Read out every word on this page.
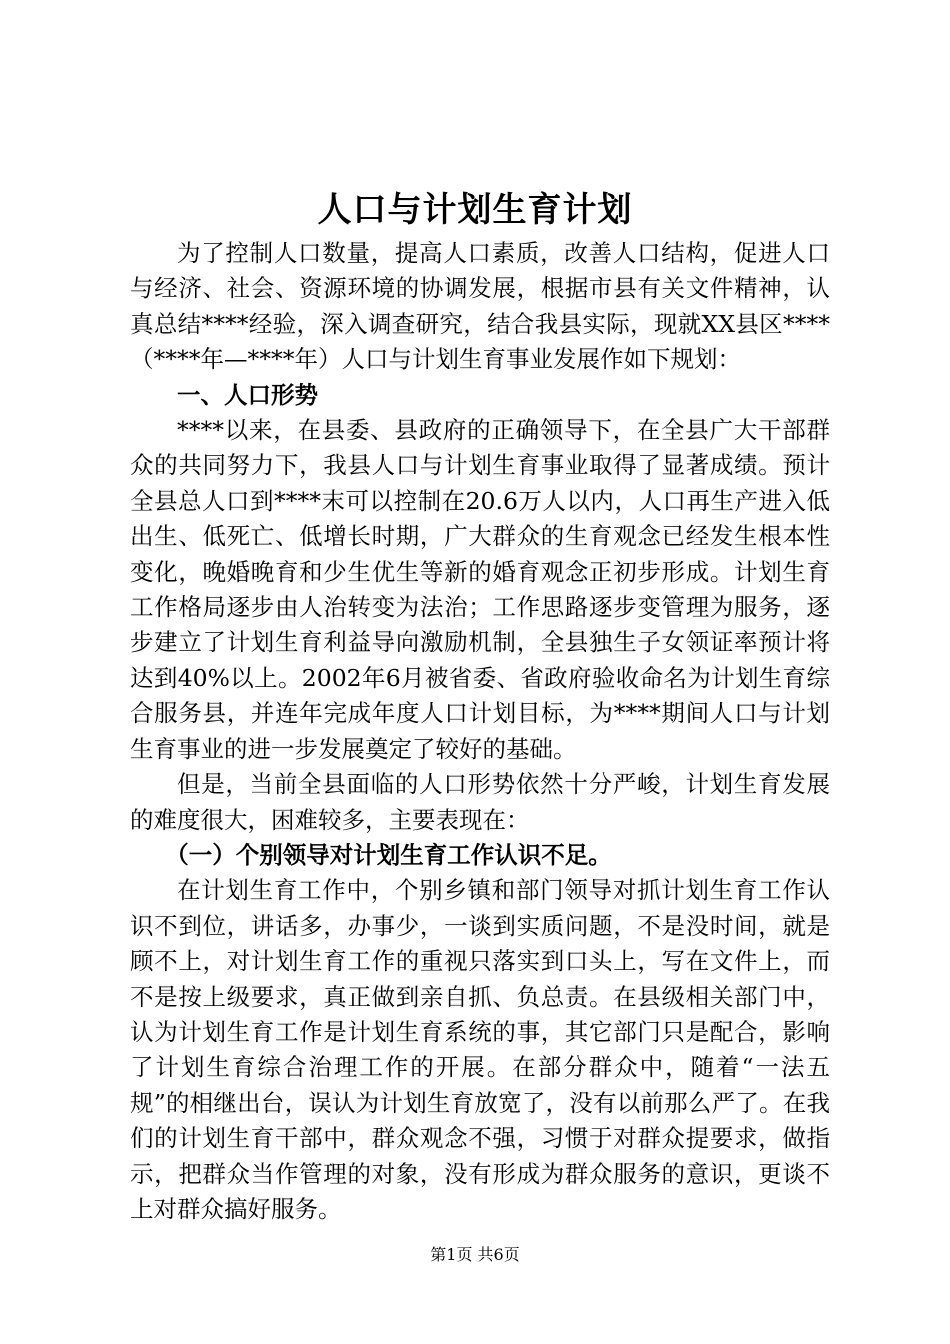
人口与计划生育计划

为了控制人口数量，提高人口素质，改善人口结构，促进人口与经济、社会、资源环境的协调发展，根据市县有关文件精神，认真总结****经验，深入调查研究，结合我县实际，现就XX县区****（****年—****年）人口与计划生育事业发展作如下规划：

一、人口形势

****以来，在县委、县政府的正确领导下，在全县广大干部群众的共同努力下，我县人口与计划生育事业取得了显著成绩。预计全县总人口到****末可以控制在20.6万人以内，人口再生产进入低出生、低死亡、低增长时期，广大群众的生育观念已经发生根本性变化，晚婚晚育和少生优生等新的婚育观念正初步形成。计划生育工作格局逐步由人治转变为法治；工作思路逐步变管理为服务，逐步建立了计划生育利益导向激励机制，全县独生子女领证率预计将达到40%以上。2002年6月被省委、省政府验收命名为计划生育综合服务县，并连年完成年度人口计划目标，为****期间人口与计划生育事业的进一步发展奠定了较好的基础。

但是，当前全县面临的人口形势依然十分严峻，计划生育发展的难度很大，困难较多，主要表现在：

（一）个别领导对计划生育工作认识不足。

在计划生育工作中，个别乡镇和部门领导对抓计划生育工作认识不到位，讲话多，办事少，一谈到实质问题，不是没时间，就是顾不上，对计划生育工作的重视只落实到口头上，写在文件上，而不是按上级要求，真正做到亲自抓、负总责。在县级相关部门中，认为计划生育工作是计划生育系统的事，其它部门只是配合，影响了计划生育综合治理工作的开展。在部分群众中，随着“一法五规”的相继出台，误认为计划生育放宽了，没有以前那么严了。在我们的计划生育干部中，群众观念不强，习惯于对群众提要求，做指示，把群众当作管理的对象，没有形成为群众服务的意识，更谈不上对群众搞好服务。

第1页 共6页
